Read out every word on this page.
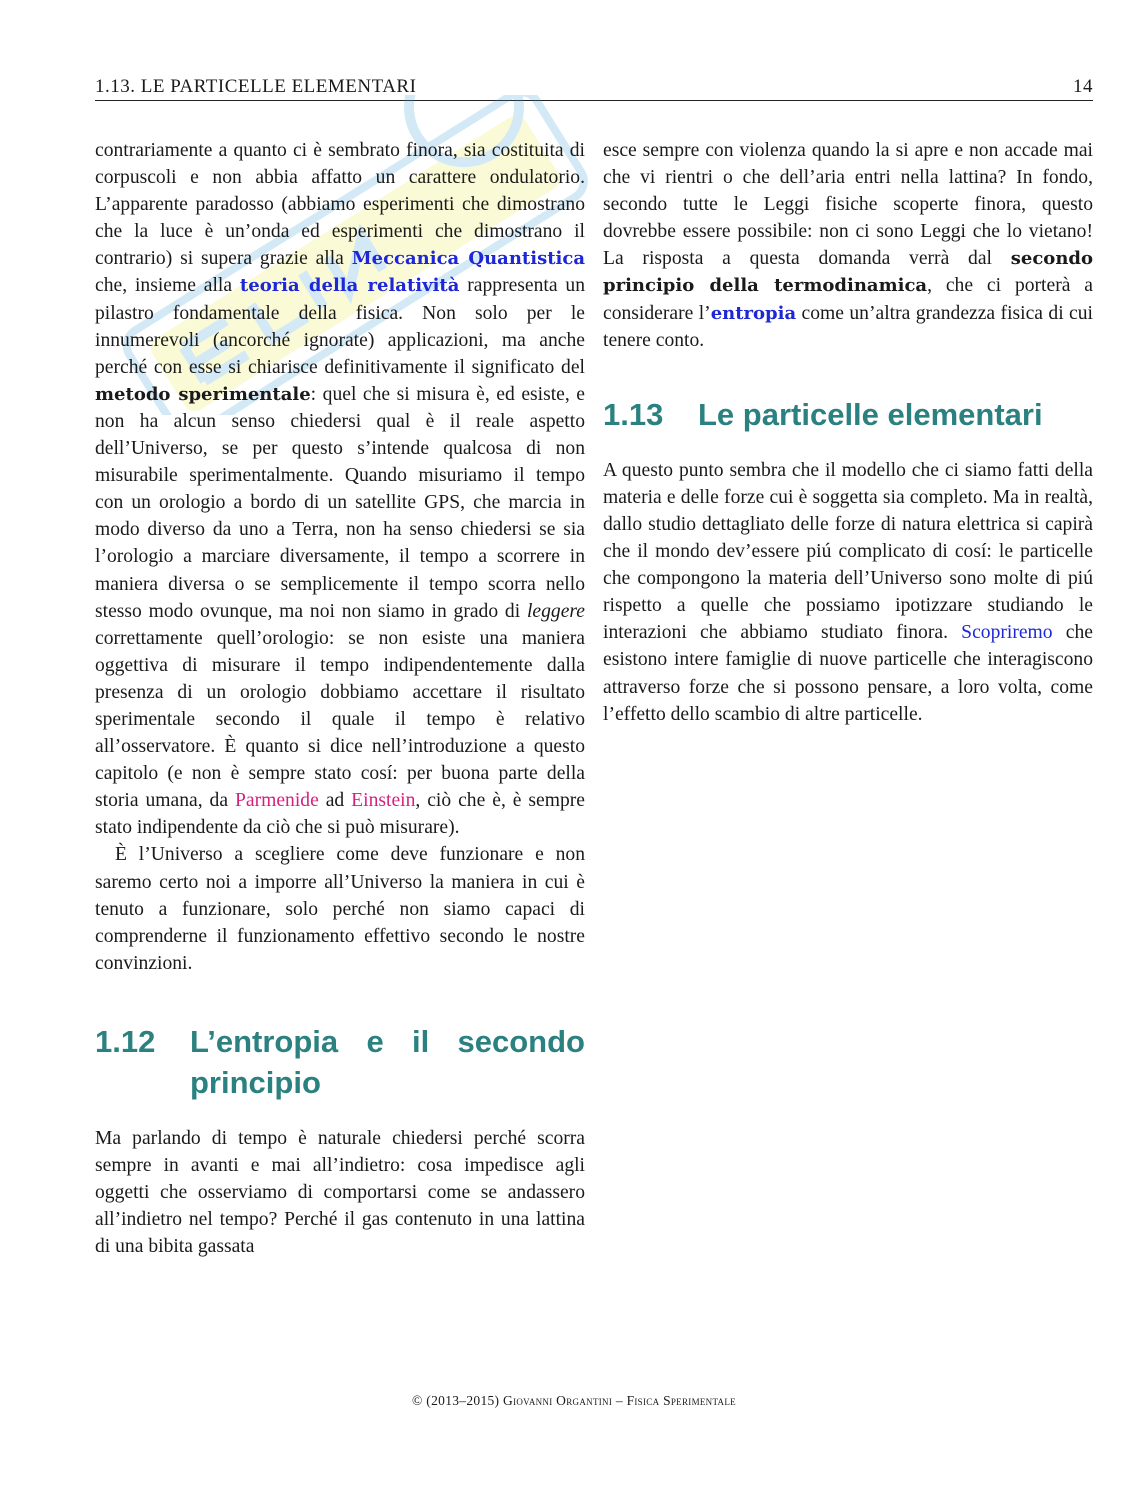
1.13. LE PARTICELLE ELEMENTARI	14

contrariamente a quanto ci è sembrato finora, sia costituita di corpuscoli e non abbia affatto un carattere ondulatorio. L’apparente paradosso (abbiamo esperimenti che dimostrano che la luce è un’onda ed esperimenti che dimostrano il contrario) si supera grazie alla Meccanica Quantistica che, insieme alla teoria della relatività rappresenta un pilastro fondamentale della fisica. Non solo per le innumerevoli (ancorché ignorate) applicazioni, ma anche perché con esse si chiarisce definitivamente il significato del metodo sperimentale: quel che si misura è, ed esiste, e non ha alcun senso chiedersi qual è il reale aspetto dell’Universo, se per questo s’intende qualcosa di non misurabile sperimentalmente. Quando misuriamo il tempo con un orologio a bordo di un satellite GPS, che marcia in modo diverso da uno a Terra, non ha senso chiedersi se sia l’orologio a marciare diversamente, il tempo a scorrere in maniera diversa o se semplicemente il tempo scorra nello stesso modo ovunque, ma noi non siamo in grado di leggere correttamente quell’orologio: se non esiste una maniera oggettiva di misurare il tempo indipendentemente dalla presenza di un orologio dobbiamo accettare il risultato sperimentale secondo il quale il tempo è relativo all’osservatore. È quanto si dice nell’introduzione a questo capitolo (e non è sempre stato cosí: per buona parte della storia umana, da Parmenide ad Einstein, ciò che è, è sempre stato indipendente da ciò che si può misurare).

È l’Universo a scegliere come deve funzionare e non saremo certo noi a imporre all’Universo la maniera in cui è tenuto a funzionare, solo perché non siamo capaci di comprenderne il funzionamento effettivo secondo le nostre convinzioni.

1.12	L’entropia e il secondo principio

Ma parlando di tempo è naturale chiedersi perché scorra sempre in avanti e mai all’indietro: cosa impedisce agli oggetti che osserviamo di comportarsi come se andassero all’indietro nel tempo? Perché il gas contenuto in una lattina di una bibita gassata

esce sempre con violenza quando la si apre e non accade mai che vi rientri o che dell’aria entri nella lattina? In fondo, secondo tutte le Leggi fisiche scoperte finora, questo dovrebbe essere possibile: non ci sono Leggi che lo vietano! La risposta a questa domanda verrà dal secondo principio della termodinamica, che ci porterà a considerare l’entropia come un’altra grandezza fisica di cui tenere conto.

1.13	Le particelle elementari

A questo punto sembra che il modello che ci siamo fatti della materia e delle forze cui è soggetta sia completo. Ma in realtà, dallo studio dettagliato delle forze di natura elettrica si capirà che il mondo dev’essere piú complicato di cosí: le particelle che compongono la materia dell’Universo sono molte di piú rispetto a quelle che possiamo ipotizzare studiando le interazioni che abbiamo studiato finora. Scopriremo che esistono intere famiglie di nuove particelle che interagiscono attraverso forze che si possono pensare, a loro volta, come l’effetto dello scambio di altre particelle.

© (2013–2015) Giovanni Organtini – Fisica Sperimentale
